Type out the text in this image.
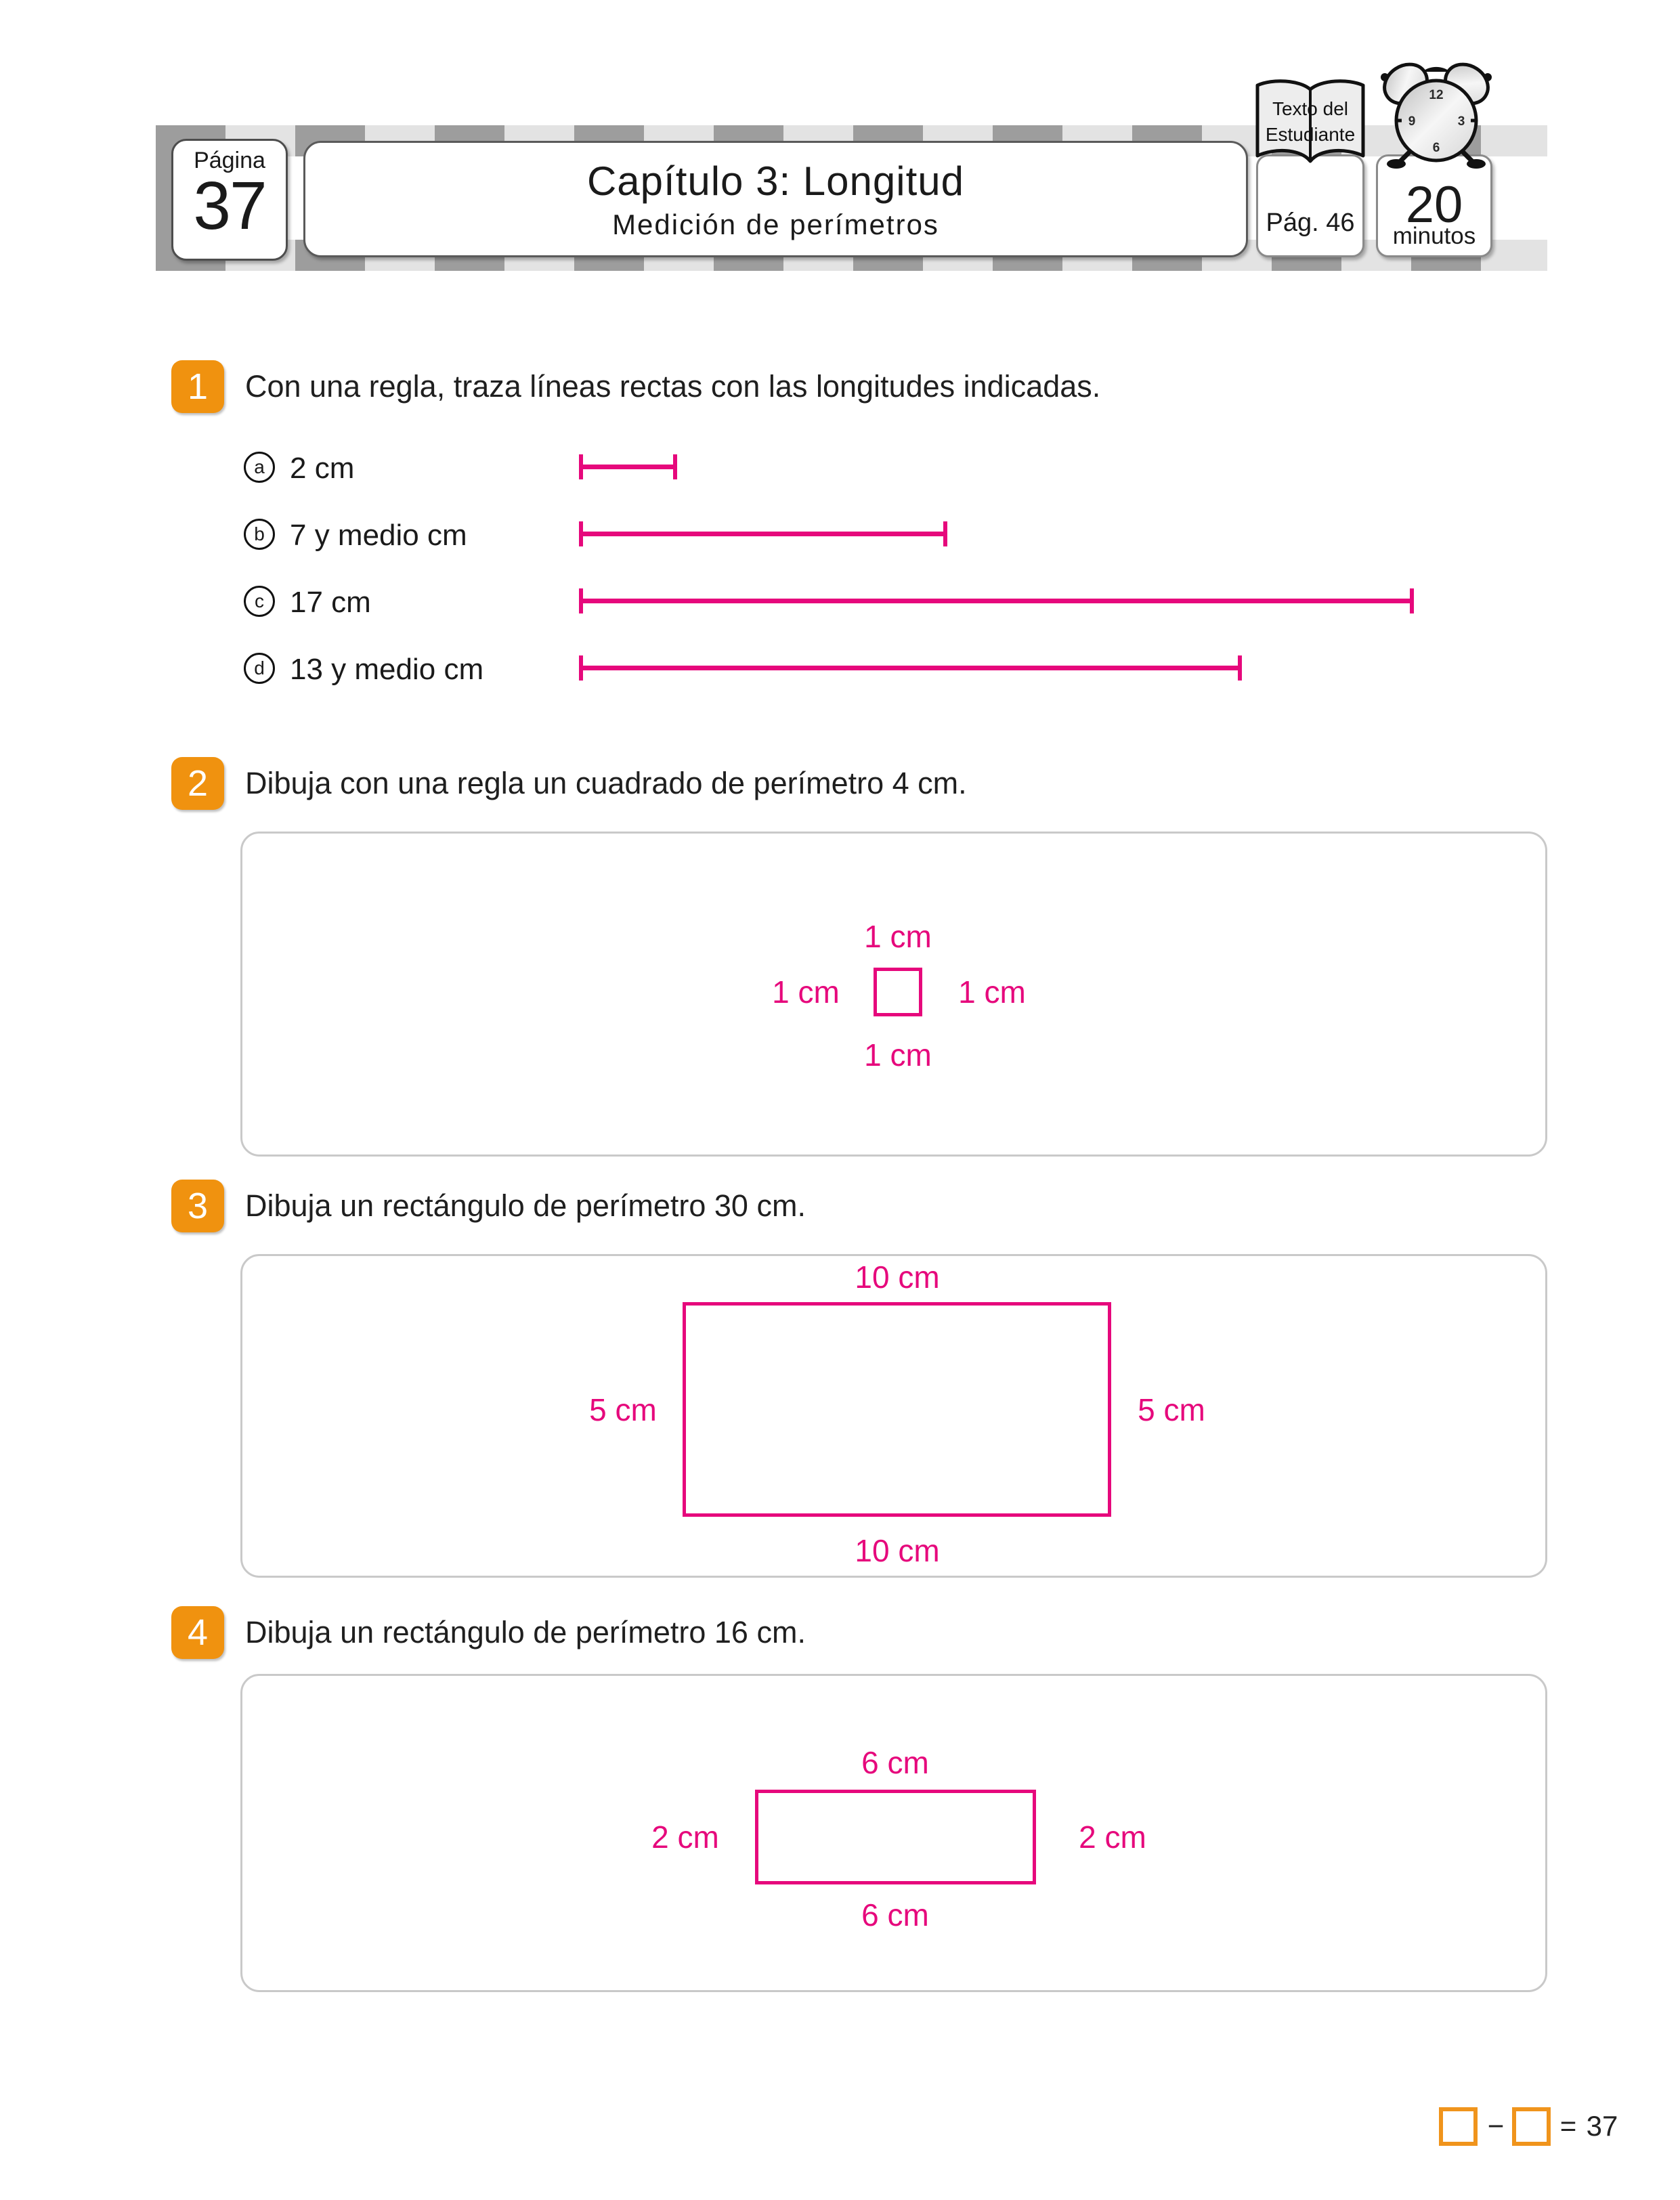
Página
37	Capítulo 3: Longitud
Medición de perímetros	Pág. 46
Texto del
Estudiante
20
minutos
12
3
6
9
1	Con una regla, traza líneas rectas con las longitudes indicadas.
a 2 cm
b 7 y medio cm
c 17 cm
d 13 y medio cm
2	Dibuja con una regla un cuadrado de perímetro 4 cm.
1 cm
1 cm	1 cm
1 cm
3	Dibuja un rectángulo de perímetro 30 cm.
10 cm
5 cm	5 cm
10 cm
4	Dibuja un rectángulo de perímetro 16 cm.
6 cm
2 cm	2 cm
6 cm
− = 37
